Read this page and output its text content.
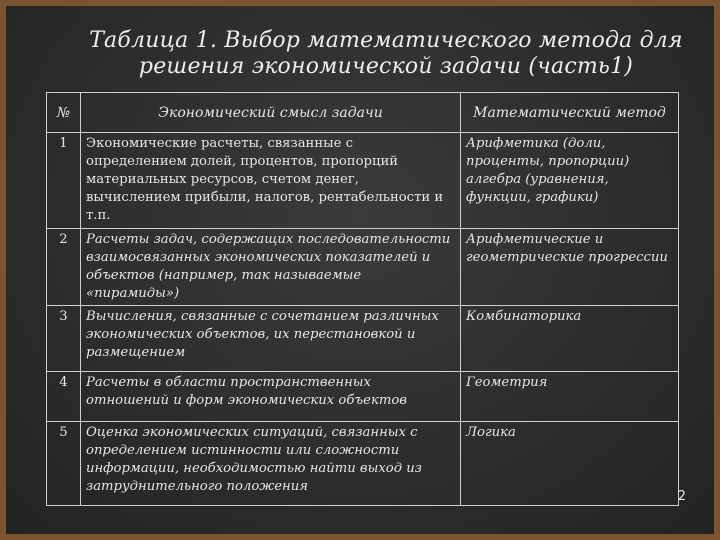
Таблица 1. Выбор математического метода для решения экономической задачи (часть1)
№	Экономический смысл задачи	Математический метод
1	Экономические расчеты, связанные с определением долей, процентов, пропорций материальных ресурсов, счетом денег, вычислением прибыли, налогов, рентабельности и т.п.	Арифметика (доли, проценты, пропорции) алгебра (уравнения, функции, графики)
2	Расчеты задач, содержащих последовательности взаимосвязанных экономических показателей и объектов (например, так называемые «пирамиды»)	Арифметические и геометрические прогрессии
3	Вычисления, связанные с сочетанием различных экономических объектов, их перестановкой и размещением	Комбинаторика
4	Расчеты в области пространственных отношений и форм экономических объектов	Геометрия
5	Оценка экономических ситуаций, связанных с определением истинности или сложности информации, необходимостью найти выход из затруднительного положения	Логика
2
